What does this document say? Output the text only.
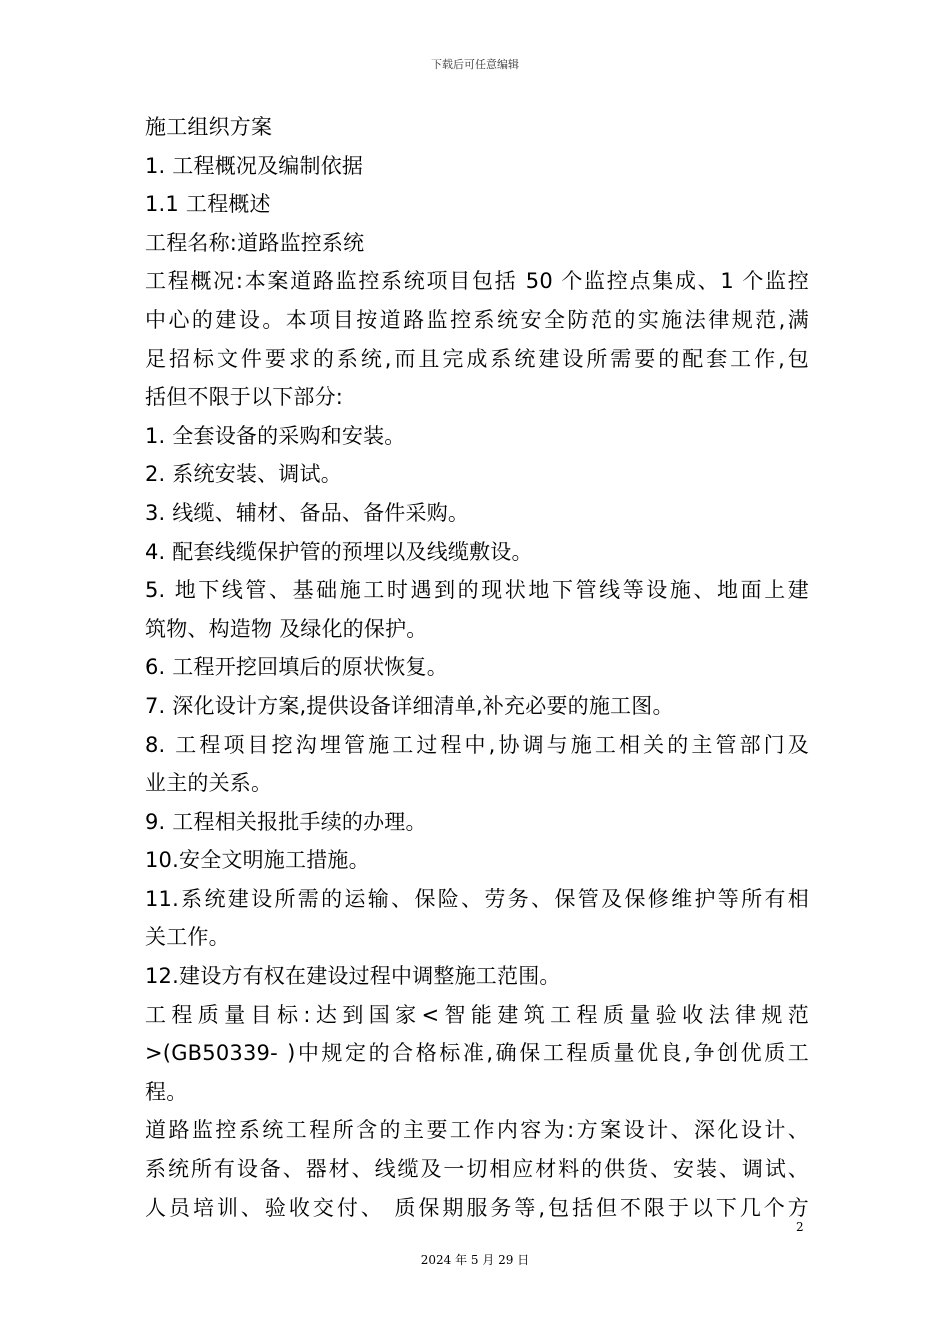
下载后可任意编辑
施工组织方案
1. 工程概况及编制依据
1.1 工程概述
工程名称:道路监控系统
工程概况:本案道路监控系统项目包括 50 个监控点集成、1 个监控
中心的建设。本项目按道路监控系统安全防范的实施法律规范,满
足招标文件要求的系统,而且完成系统建设所需要的配套工作,包
括但不限于以下部分:
1. 全套设备的采购和安装。
2. 系统安装、调试。
3. 线缆、辅材、备品、备件采购。
4. 配套线缆保护管的预埋以及线缆敷设。
5. 地下线管、基础施工时遇到的现状地下管线等设施、地面上建
筑物、构造物 及绿化的保护。
6. 工程开挖回填后的原状恢复。
7. 深化设计方案,提供设备详细清单,补充必要的施工图。
8. 工程项目挖沟埋管施工过程中,协调与施工相关的主管部门及
业主的关系。
9. 工程相关报批手续的办理。
10.安全文明施工措施。
11.系统建设所需的运输、保险、劳务、保管及保修维护等所有相
关工作。
12.建设方有权在建设过程中调整施工范围。
工程质量目标:达到国家<智能建筑工程质量验收法律规范
>(GB50339- )中规定的合格标准,确保工程质量优良,争创优质工
程。
道路监控系统工程所含的主要工作内容为:方案设计、深化设计、
系统所有设备、器材、线缆及一切相应材料的供货、安装、调试、
人员培训、验收交付、 质保期服务等,包括但不限于以下几个方
2
2024 年 5 月 29 日
